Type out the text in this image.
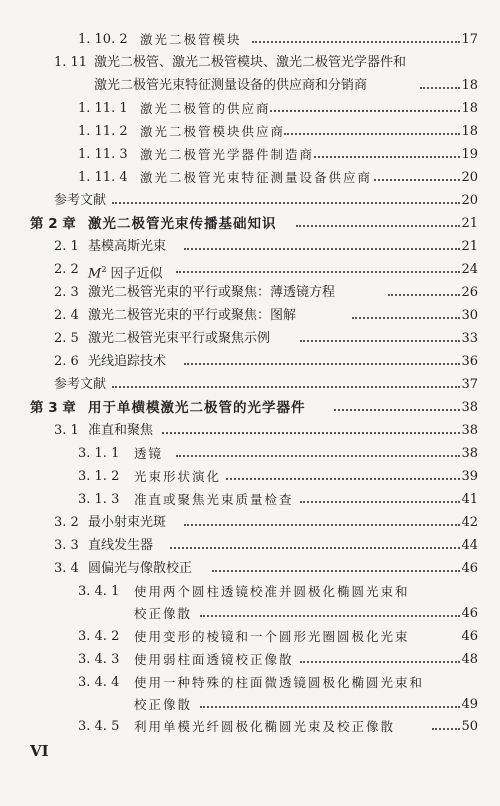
1. 10. 2 激光二极管模块	17
1. 11 激光二极管、激光二极管模块、激光二极管光学器件和
激光二极管光束特征测量设备的供应商和分销商	18
1. 11. 1 激光二极管的供应商	18
1. 11. 2 激光二极管模块供应商	18
1. 11. 3 激光二极管光学器件制造商	19
1. 11. 4 激光二极管光束特征测量设备供应商	20
参考文献	20
第 2 章 激光二极管光束传播基础知识	21
2. 1 基模高斯光束	21
2. 2 $M^2$ 因子近似	24
2. 3 激光二极管光束的平行或聚焦：薄透镜方程	26
2. 4 激光二极管光束的平行或聚焦：图解	30
2. 5 激光二极管光束平行或聚焦示例	33
2. 6 光线追踪技术	36
参考文献	37
第 3 章 用于单横模激光二极管的光学器件	38
3. 1 准直和聚焦	38
3. 1. 1 透镜	38
3. 1. 2 光束形状演化	39
3. 1. 3 准直或聚焦光束质量检查	41
3. 2 最小射束光斑	42
3. 3 直线发生器	44
3. 4 圆偏光与像散校正	46
3. 4. 1 使用两个圆柱透镜校准并圆极化椭圆光束和
校正像散	46
3. 4. 2 使用变形的棱镜和一个圆形光圈圆极化光束	46
3. 4. 3 使用弱柱面透镜校正像散	48
3. 4. 4 使用一种特殊的柱面微透镜圆极化椭圆光束和
校正像散	49
3. 4. 5 利用单模光纤圆极化椭圆光束及校正像散	50
VI
